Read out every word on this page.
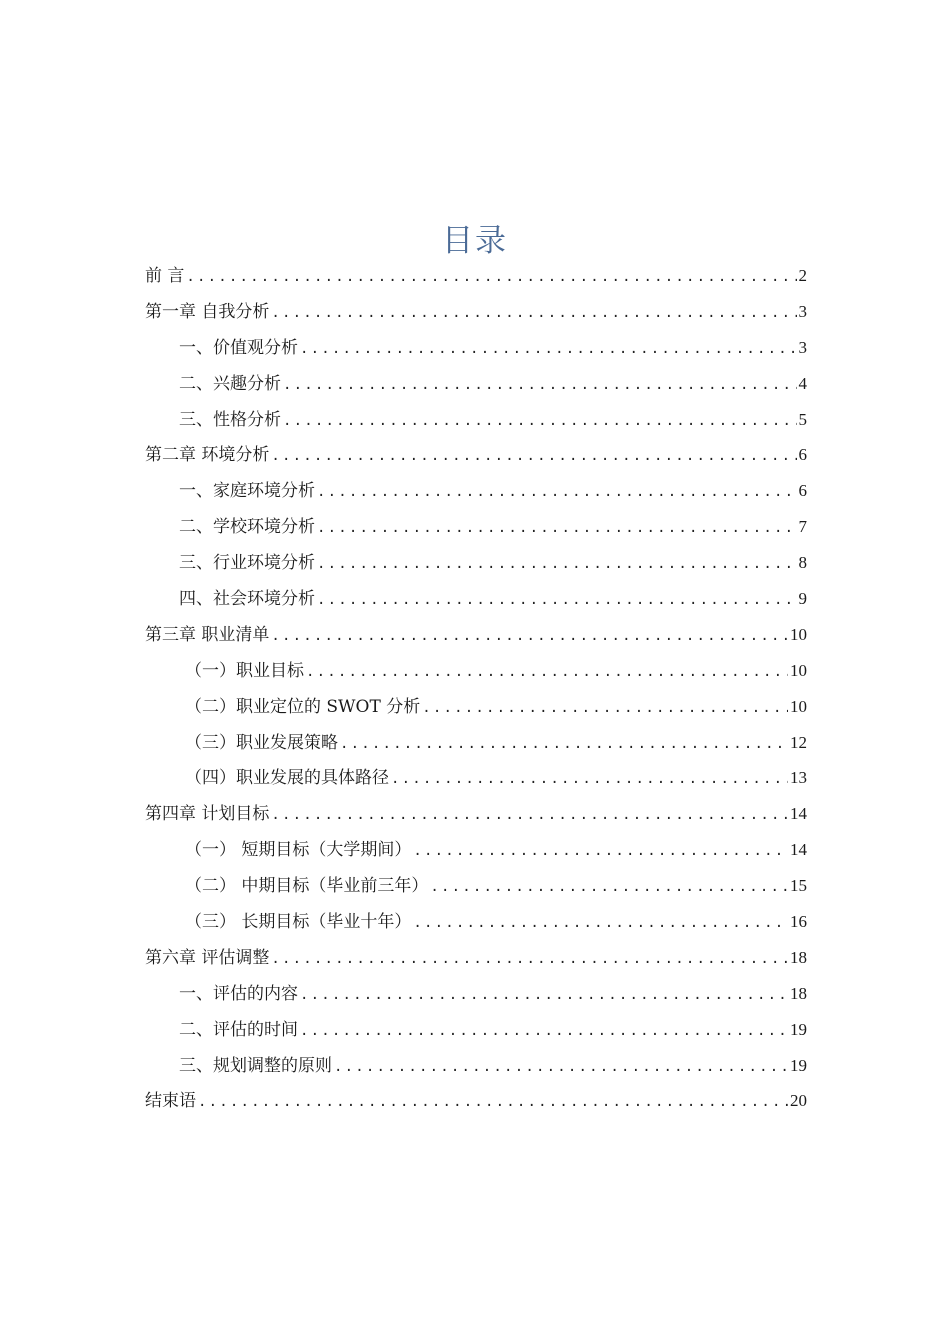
目录
前 言 .....	2
第一章 自我分析 .....	3
一、价值观分析 .....	3
二、兴趣分析 .....	4
三、性格分析 .....	5
第二章 环境分析 .....	6
一、家庭环境分析 .....	6
二、学校环境分析 .....	7
三、行业环境分析 .....	8
四、社会环境分析 .....	9
第三章 职业清单 .....	10
（一）职业目标 .....	10
（二）职业定位的 SWOT 分析 .....	10
（三）职业发展策略 .....	12
（四）职业发展的具体路径 .....	13
第四章 计划目标 .....	14
（一） 短期目标（大学期间） .....	14
（二） 中期目标（毕业前三年） .....	15
（三） 长期目标（毕业十年） .....	16
第六章 评估调整 .....	18
一、评估的内容 .....	18
二、评估的时间 .....	19
三、规划调整的原则 .....	19
结束语 .....	20
